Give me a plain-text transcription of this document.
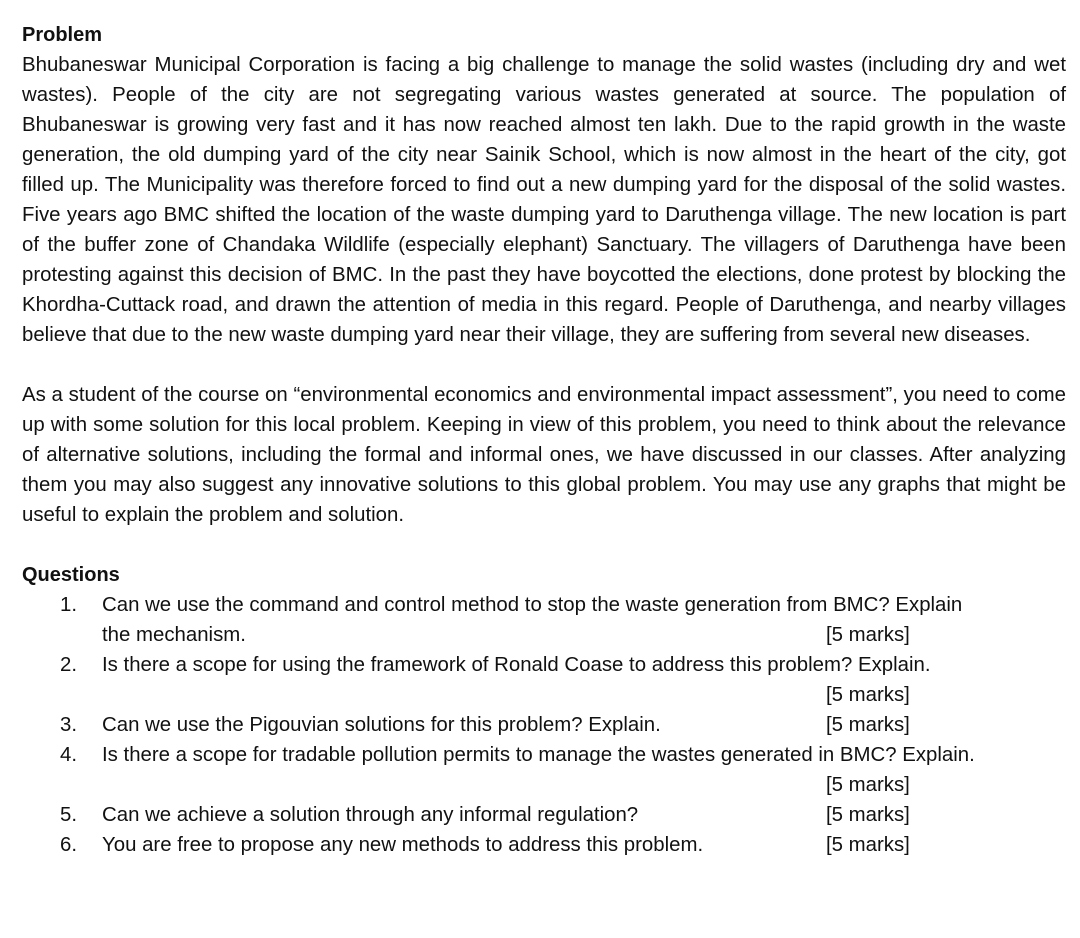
Problem

Bhubaneswar Municipal Corporation is facing a big challenge to manage the solid wastes (including dry and wet wastes). People of the city are not segregating various wastes generated at source. The population of Bhubaneswar is growing very fast and it has now reached almost ten lakh. Due to the rapid growth in the waste generation, the old dumping yard of the city near Sainik School, which is now almost in the heart of the city, got filled up. The Municipality was therefore forced to find out a new dumping yard for the disposal of the solid wastes. Five years ago BMC shifted the location of the waste dumping yard to Daruthenga village. The new location is part of the buffer zone of Chandaka Wildlife (especially elephant) Sanctuary. The villagers of Daruthenga have been protesting against this decision of BMC. In the past they have boycotted the elections, done protest by blocking the Khordha-Cuttack road, and drawn the attention of media in this regard. People of Daruthenga, and nearby villages believe that due to the new waste dumping yard near their village, they are suffering from several new diseases.

As a student of the course on “environmental economics and environmental impact assessment”, you need to come up with some solution for this local problem. Keeping in view of this problem, you need to think about the relevance of alternative solutions, including the formal and informal ones, we have discussed in our classes. After analyzing them you may also suggest any innovative solutions to this global problem. You may use any graphs that might be useful to explain the problem and solution.

Questions
1. Can we use the command and control method to stop the waste generation from BMC? Explain
the mechanism.	[5 marks]
2. Is there a scope for using the framework of Ronald Coase to address this problem? Explain.
[5 marks]
3. Can we use the Pigouvian solutions for this problem? Explain.	[5 marks]
4. Is there a scope for tradable pollution permits to manage the wastes generated in BMC? Explain.
[5 marks]
5. Can we achieve a solution through any informal regulation?	[5 marks]
6. You are free to propose any new methods to address this problem.	[5 marks]
